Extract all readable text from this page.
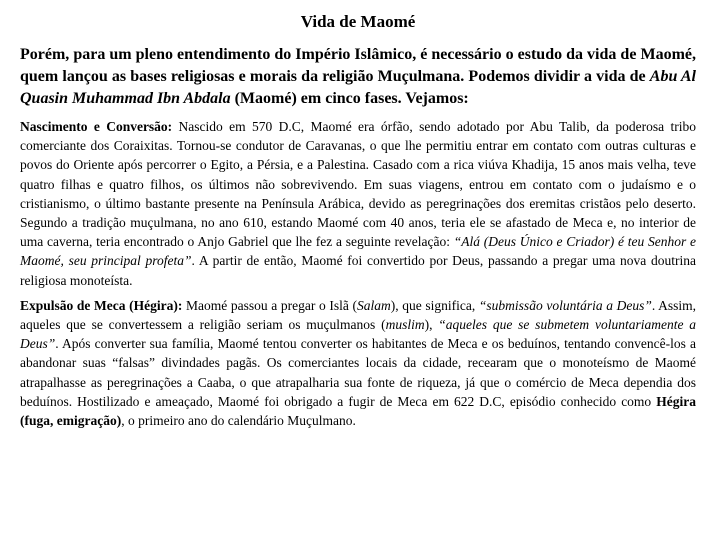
Vida de Maomé

Porém, para um pleno entendimento do Império Islâmico, é necessário o estudo da vida de Maomé, quem lançou as bases religiosas e morais da religião Muçulmana. Podemos dividir a vida de Abu Al Quasin Muhammad Ibn Abdala (Maomé) em cinco fases. Vejamos:

Nascimento e Conversão: Nascido em 570 D.C, Maomé era órfão, sendo adotado por Abu Talib, da poderosa tribo comerciante dos Coraixitas. Tornou-se condutor de Caravanas, o que lhe permitiu entrar em contato com outras culturas e povos do Oriente após percorrer o Egito, a Pérsia, e a Palestina. Casado com a rica viúva Khadija, 15 anos mais velha, teve quatro filhas e quatro filhos, os últimos não sobrevivendo. Em suas viagens, entrou em contato com o judaísmo e o cristianismo, o último bastante presente na Península Arábica, devido as peregrinações dos eremitas cristãos pelo deserto. Segundo a tradição muçulmana, no ano 610, estando Maomé com 40 anos, teria ele se afastado de Meca e, no interior de uma caverna, teria encontrado o Anjo Gabriel que lhe fez a seguinte revelação: “Alá (Deus Único e Criador) é teu Senhor e Maomé, seu principal profeta”. A partir de então, Maomé foi convertido por Deus, passando a pregar uma nova doutrina religiosa monoteísta.

Expulsão de Meca (Hégira): Maomé passou a pregar o Islã (Salam), que significa, “submissão voluntária a Deus”. Assim, aqueles que se convertessem a religião seriam os muçulmanos (muslim), “aqueles que se submetem voluntariamente a Deus”. Após converter sua família, Maomé tentou converter os habitantes de Meca e os beduínos, tentando convencê-los a abandonar suas “falsas” divindades pagãs. Os comerciantes locais da cidade, recearam que o monoteísmo de Maomé atrapalhasse as peregrinações a Caaba, o que atrapalharia sua fonte de riqueza, já que o comércio de Meca dependia dos beduínos. Hostilizado e ameaçado, Maomé foi obrigado a fugir de Meca em 622 D.C, episódio conhecido como Hégira (fuga, emigração), o primeiro ano do calendário Muçulmano.
